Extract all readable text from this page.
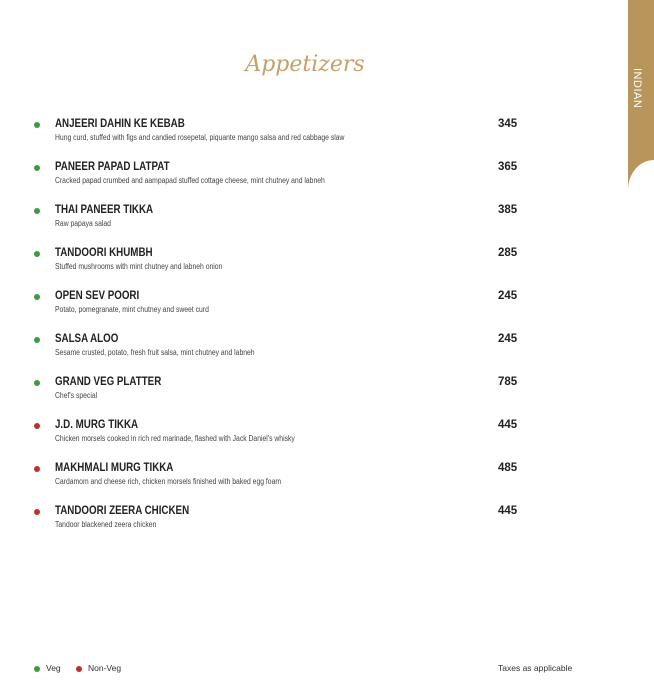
INDIAN
Appetizers
ANJEERI DAHIN KE KEBAB
Hung curd, stuffed with figs and candied rosepetal, piquante mango salsa and red cabbage slaw
345
PANEER PAPAD LATPAT
Cracked papad crumbed and aampapad stuffed cottage cheese, mint chutney and labneh
365
THAI PANEER TIKKA
Raw papaya salad
385
TANDOORI KHUMBH
Stuffed mushrooms with mint chutney and labneh onion
285
OPEN SEV POORI
Potato, pomegranate, mint chutney and sweet curd
245
SALSA ALOO
Sesame crusted, potato, fresh fruit salsa, mint chutney and labneh
245
GRAND VEG PLATTER
Chef's special
785
J.D. MURG TIKKA
Chicken morsels cooked in rich red marinade, flashed with Jack Daniel's whisky
445
MAKHMALI MURG TIKKA
Cardamom and cheese rich, chicken morsels finished with baked egg foam
485
TANDOORI ZEERA CHICKEN
Tandoor blackened zeera chicken
445
Veg	Non-Veg	Taxes as applicable
